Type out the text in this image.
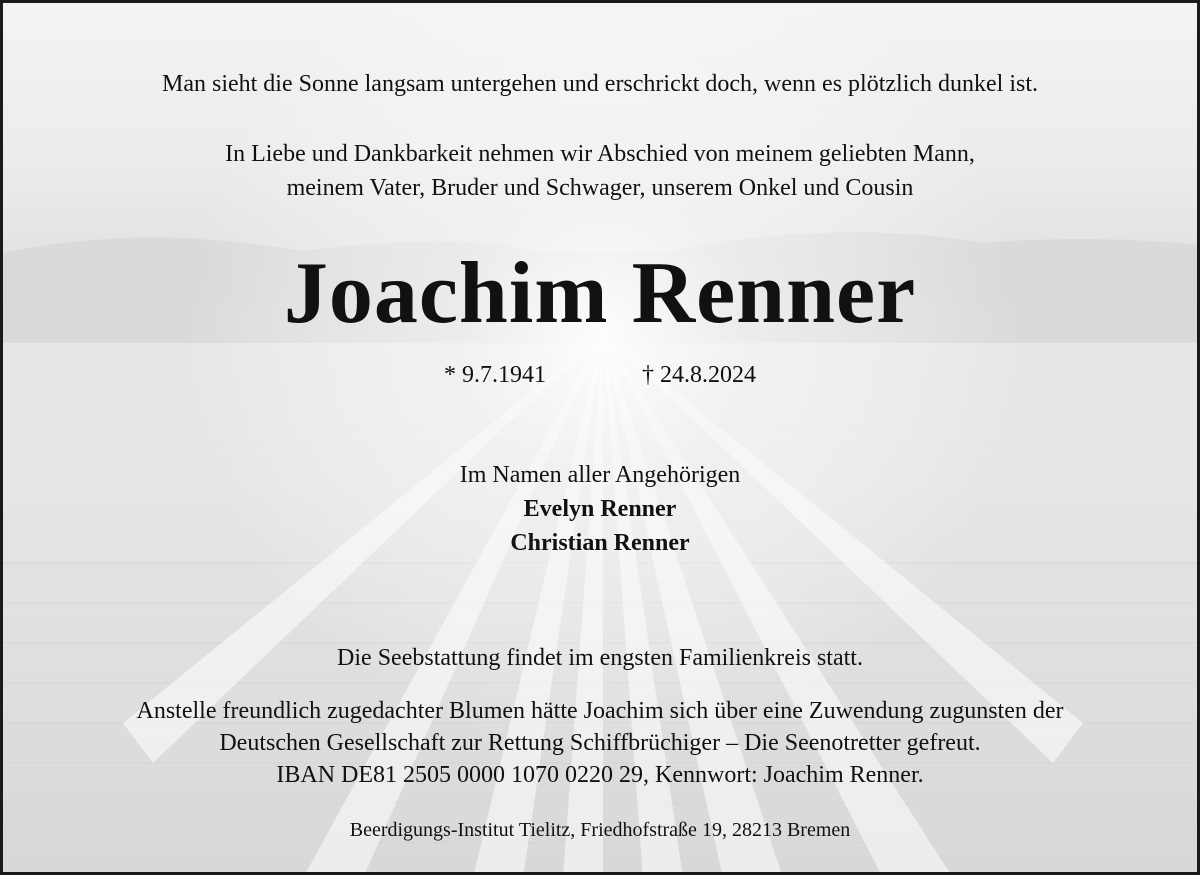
Man sieht die Sonne langsam untergehen und erschrickt doch, wenn es plötzlich dunkel ist.
In Liebe und Dankbarkeit nehmen wir Abschied von meinem geliebten Mann,
meinem Vater, Bruder und Schwager, unserem Onkel und Cousin
Joachim Renner
* 9.7.1941	† 24.8.2024
Im Namen aller Angehörigen
Evelyn Renner
Christian Renner
Die Seebstattung findet im engsten Familienkreis statt.
Anstelle freundlich zugedachter Blumen hätte Joachim sich über eine Zuwendung zugunsten der
Deutschen Gesellschaft zur Rettung Schiffbrüchiger – Die Seenotretter gefreut.
IBAN DE81 2505 0000 1070 0220 29, Kennwort: Joachim Renner.
Beerdigungs-Institut Tielitz, Friedhofstraße 19, 28213 Bremen
